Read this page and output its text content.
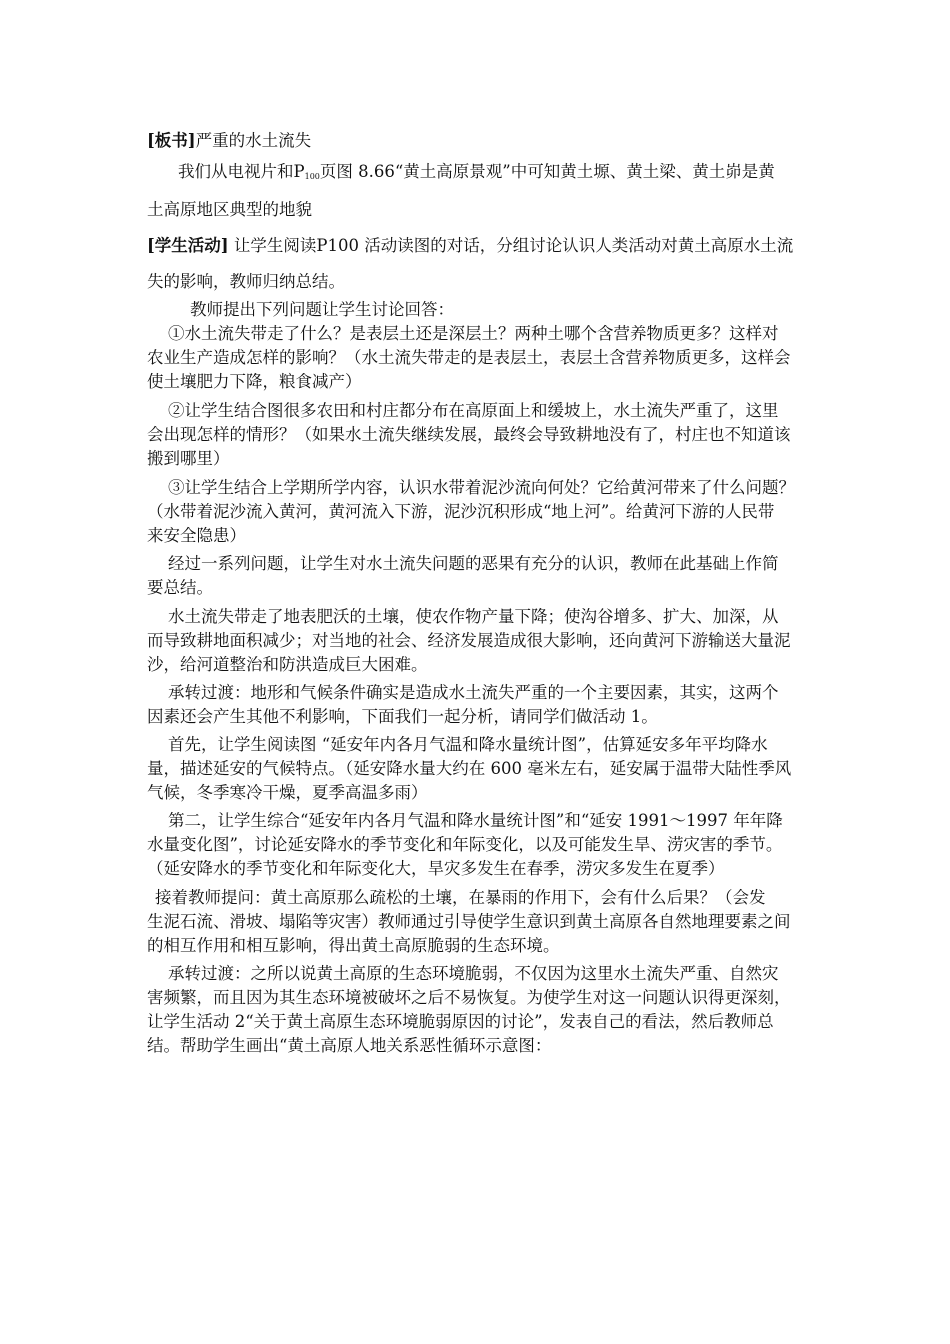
[板书]严重的水土流失
我们从电视片和$P_{100}$页图 8.66“黄土高原景观”中可知黄土塬、黄土梁、黄土峁是黄
土高原地区典型的地貌
[学生活动] 让学生阅读P100 活动读图的对话，分组讨论认识人类活动对黄土高原水土流
失的影响，教师归纳总结。
教师提出下列问题让学生讨论回答：
①水土流失带走了什么？是表层土还是深层土？两种土哪个含营养物质更多？这样对
农业生产造成怎样的影响？（水土流失带走的是表层土，表层土含营养物质更多，这样会
使土壤肥力下降，粮食减产）
②让学生结合图很多农田和村庄都分布在高原面上和缓坡上，水土流失严重了，这里
会出现怎样的情形？（如果水土流失继续发展，最终会导致耕地没有了，村庄也不知道该
搬到哪里）
③让学生结合上学期所学内容，认识水带着泥沙流向何处？它给黄河带来了什么问题？
（水带着泥沙流入黄河，黄河流入下游，泥沙沉积形成“地上河”。给黄河下游的人民带
来安全隐患）
经过一系列问题，让学生对水土流失问题的恶果有充分的认识，教师在此基础上作简
要总结。
水土流失带走了地表肥沃的土壤，使农作物产量下降；使沟谷增多、扩大、加深，从
而导致耕地面积减少；对当地的社会、经济发展造成很大影响，还向黄河下游输送大量泥
沙，给河道整治和防洪造成巨大困难。
承转过渡：地形和气候条件确实是造成水土流失严重的一个主要因素，其实，这两个
因素还会产生其他不利影响，下面我们一起分析，请同学们做活动 1。
首先，让学生阅读图 “延安年内各月气温和降水量统计图”，估算延安多年平均降水
量，描述延安的气候特点。（延安降水量大约在 600 毫米左右，延安属于温带大陆性季风
气候，冬季寒冷干燥，夏季高温多雨）
第二，让学生综合“延安年内各月气温和降水量统计图”和“延安 1991～1997 年年降
水量变化图”，讨论延安降水的季节变化和年际变化，以及可能发生旱、涝灾害的季节。
（延安降水的季节变化和年际变化大，旱灾多发生在春季，涝灾多发生在夏季）
接着教师提问：黄土高原那么疏松的土壤，在暴雨的作用下，会有什么后果？（会发
生泥石流、滑坡、塌陷等灾害）教师通过引导使学生意识到黄土高原各自然地理要素之间
的相互作用和相互影响，得出黄土高原脆弱的生态环境。
承转过渡：之所以说黄土高原的生态环境脆弱，不仅因为这里水土流失严重、自然灾
害频繁，而且因为其生态环境被破坏之后不易恢复。为使学生对这一问题认识得更深刻，
让学生活动 2“关于黄土高原生态环境脆弱原因的讨论”，发表自己的看法，然后教师总
结。帮助学生画出“黄土高原人地关系恶性循环示意图：
